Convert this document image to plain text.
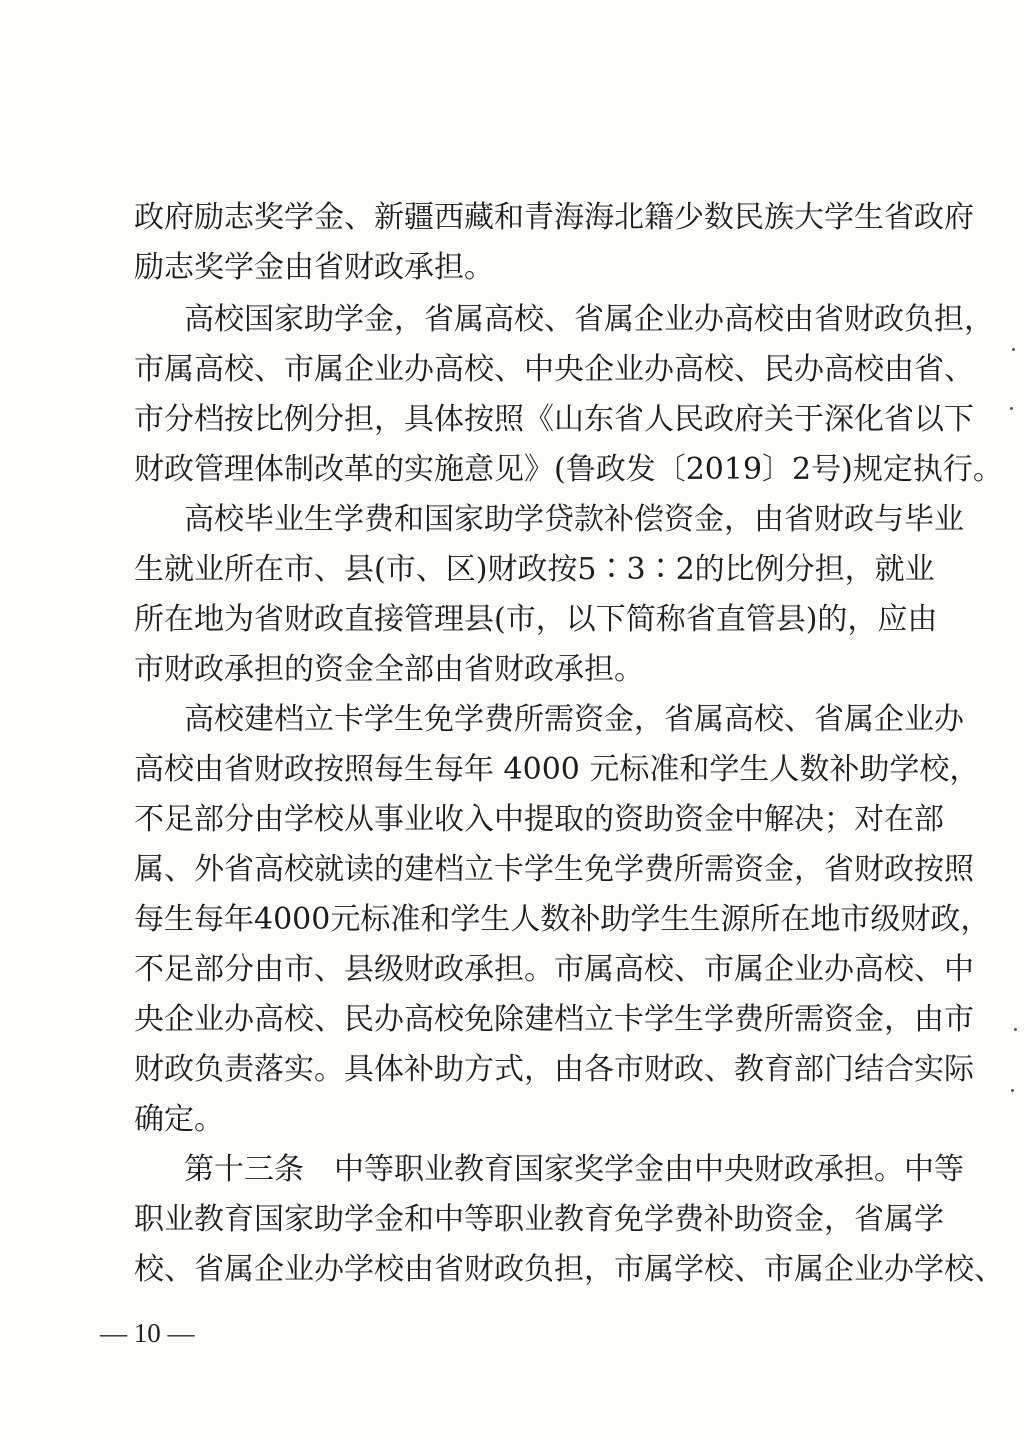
政府励志奖学金、新疆西藏和青海海北籍少数民族大学生省政府
励志奖学金由省财政承担。
高校国家助学金，省属高校、省属企业办高校由省财政负担，
市属高校、市属企业办高校、中央企业办高校、民办高校由省、
市分档按比例分担，具体按照《山东省人民政府关于深化省以下
财政管理体制改革的实施意见》(鲁政发〔2019〕2号)规定执行。
高校毕业生学费和国家助学贷款补偿资金，由省财政与毕业
生就业所在市、县(市、区)财政按5∶3∶2的比例分担，就业
所在地为省财政直接管理县(市，以下简称省直管县)的，应由
市财政承担的资金全部由省财政承担。
高校建档立卡学生免学费所需资金，省属高校、省属企业办
高校由省财政按照每生每年 4000 元标准和学生人数补助学校，
不足部分由学校从事业收入中提取的资助资金中解决；对在部
属、外省高校就读的建档立卡学生免学费所需资金，省财政按照
每生每年4000元标准和学生人数补助学生生源所在地市级财政，
不足部分由市、县级财政承担。市属高校、市属企业办高校、中
央企业办高校、民办高校免除建档立卡学生学费所需资金，由市
财政负责落实。具体补助方式，由各市财政、教育部门结合实际
确定。
第十三条　中等职业教育国家奖学金由中央财政承担。中等
职业教育国家助学金和中等职业教育免学费补助资金，省属学
校、省属企业办学校由省财政负担，市属学校、市属企业办学校、
— 10 —
